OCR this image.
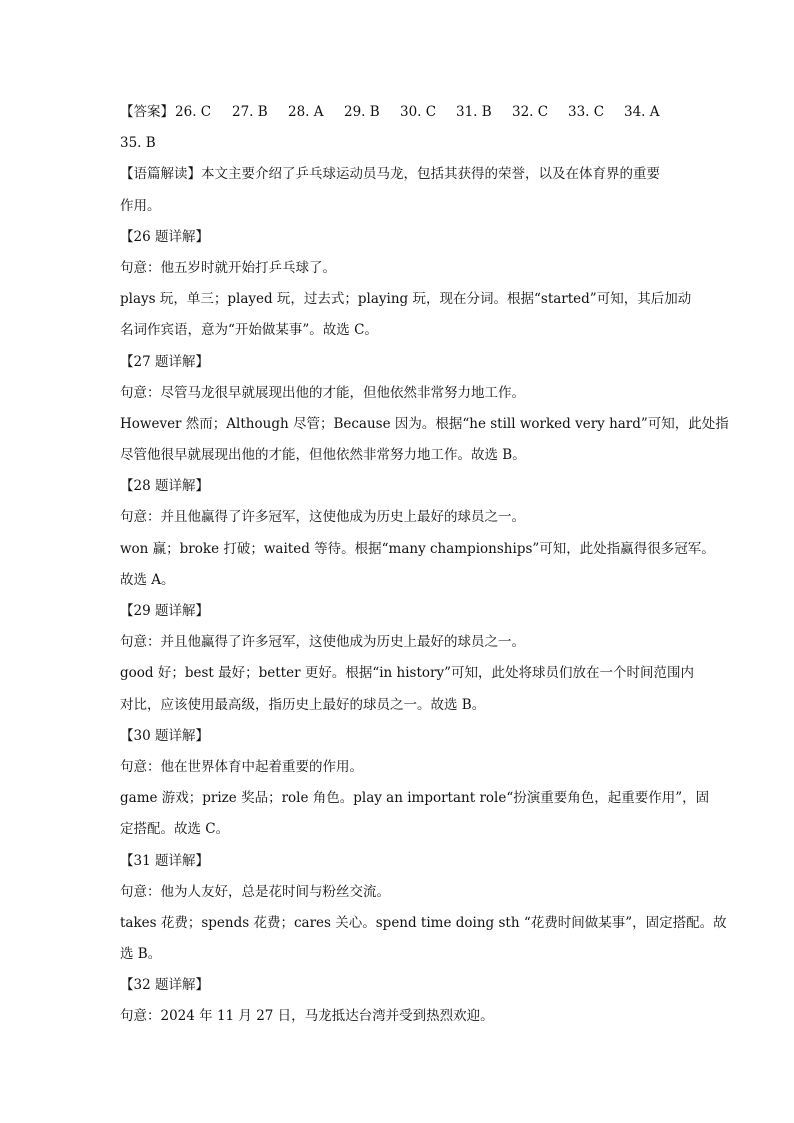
【答案】 26. C	27. B	28. A	29. B	30. C	31. B	32. C	33. C	34. A
35. B
【语篇解读】本文主要介绍了乒乓球运动员马龙，包括其获得的荣誉，以及在体育界的重要
作用。
【26 题详解】
句意：他五岁时就开始打乒乓球了。
plays 玩，单三；played 玩，过去式；playing 玩，现在分词。根据“started”可知，其后加动
名词作宾语，意为“开始做某事”。故选 C。
【27 题详解】
句意：尽管马龙很早就展现出他的才能，但他依然非常努力地工作。
However 然而；Although 尽管；Because 因为。根据“he still worked very hard”可知，此处指
尽管他很早就展现出他的才能，但他依然非常努力地工作。故选 B。
【28 题详解】
句意：并且他赢得了许多冠军，这使他成为历史上最好的球员之一。
won 赢；broke 打破；waited 等待。根据“many championships”可知，此处指赢得很多冠军。
故选 A。
【29 题详解】
句意：并且他赢得了许多冠军，这使他成为历史上最好的球员之一。
good 好；best 最好；better 更好。根据“in history”可知，此处将球员们放在一个时间范围内
对比，应该使用最高级，指历史上最好的球员之一。故选 B。
【30 题详解】
句意：他在世界体育中起着重要的作用。
game 游戏；prize 奖品；role 角色。play an important role“扮演重要角色，起重要作用”，固
定搭配。故选 C。
【31 题详解】
句意：他为人友好，总是花时间与粉丝交流。
takes 花费；spends 花费；cares 关心。spend time doing sth “花费时间做某事”，固定搭配。故
选 B。
【32 题详解】
句意：2024 年 11 月 27 日，马龙抵达台湾并受到热烈欢迎。
